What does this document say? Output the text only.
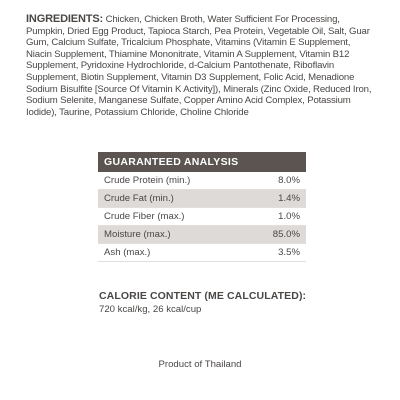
INGREDIENTS: Chicken, Chicken Broth, Water Sufficient For Processing, Pumpkin, Dried Egg Product, Tapioca Starch, Pea Protein, Vegetable Oil, Salt, Guar Gum, Calcium Sulfate, Tricalcium Phosphate, Vitamins (Vitamin E Supplement, Niacin Supplement, Thiamine Mononitrate, Vitamin A Supplement, Vitamin B12 Supplement, Pyridoxine Hydrochloride, d-Calcium Pantothenate, Riboflavin Supplement, Biotin Supplement, Vitamin D3 Supplement, Folic Acid, Menadione Sodium Bisulfite [Source Of Vitamin K Activity]), Minerals (Zinc Oxide, Reduced Iron, Sodium Selenite, Manganese Sulfate, Copper Amino Acid Complex, Potassium Iodide), Taurine, Potassium Chloride, Choline Chloride

GUARANTEED ANALYSIS	
Crude Protein (min.)	8.0%
Crude Fat (min.)	1.4%
Crude Fiber (max.)	1.0%
Moisture (max.)	85.0%
Ash (max.)	3.5%

CALORIE CONTENT (ME CALCULATED):

720 kcal/kg, 26 kcal/cup

Product of Thailand
